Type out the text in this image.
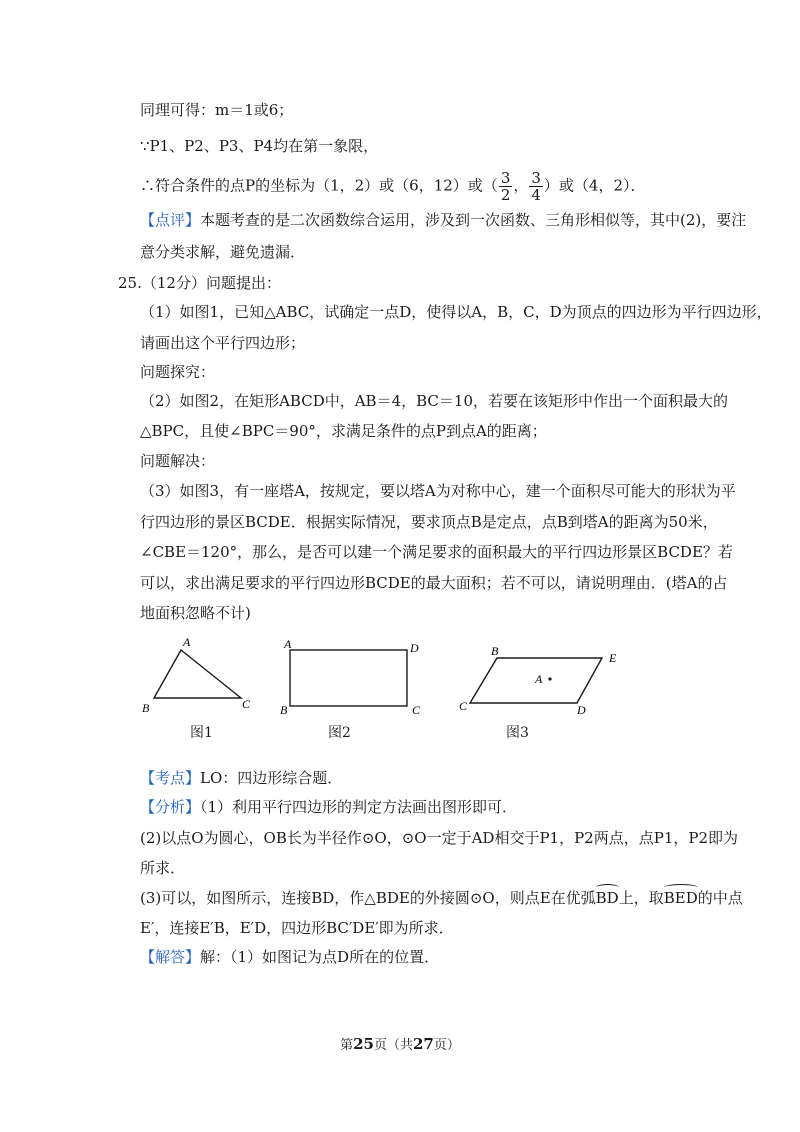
同理可得：m＝1或6；
∵P1、P2、P3、P4均在第一象限，
∴符合条件的点P的坐标为（1，2）或（6，12）或（ $\frac{3}{2}$ ， $\frac{3}{4}$ ）或（4，2）．
【点评】本题考查的是二次函数综合运用，涉及到一次函数、三角形相似等，其中(2)，要注
意分类求解，避免遗漏．
25.（12分）问题提出：
（1）如图1，已知△ABC，试确定一点D，使得以A，B，C，D为顶点的四边形为平行四边形，
请画出这个平行四边形；
问题探究：
（2）如图2，在矩形ABCD中，AB＝4，BC＝10，若要在该矩形中作出一个面积最大的
△BPC，且使∠BPC＝90°，求满足条件的点P到点A的距离；
问题解决：
（3）如图3，有一座塔A，按规定，要以塔A为对称中心，建一个面积尽可能大的形状为平
行四边形的景区BCDE．根据实际情况，要求顶点B是定点，点B到塔A的距离为50米，
∠CBE＝120°，那么，是否可以建一个满足要求的面积最大的平行四边形景区BCDE？若
可以，求出满足要求的平行四边形BCDE的最大面积；若不可以，请说明理由．(塔A的占
地面积忽略不计)
A
B	C
图1
A	D
B	C
图2
B	E
C	D
A
图3
【考点】LO：四边形综合题．
【分析】（1）利用平行四边形的判定方法画出图形即可．
(2)以点O为圆心，OB长为半径作⊙O，⊙O一定于AD相交于P1，P2两点，点P1，P2即为
所求．
(3)可以，如图所示，连接BD，作△BDE的外接圆⊙O，则点E在优弧BD上，取BED的中点
E′，连接E′B，E′D，四边形BC′DE′即为所求．
【解答】解：（1）如图记为点D所在的位置．
第25页（共27页）
